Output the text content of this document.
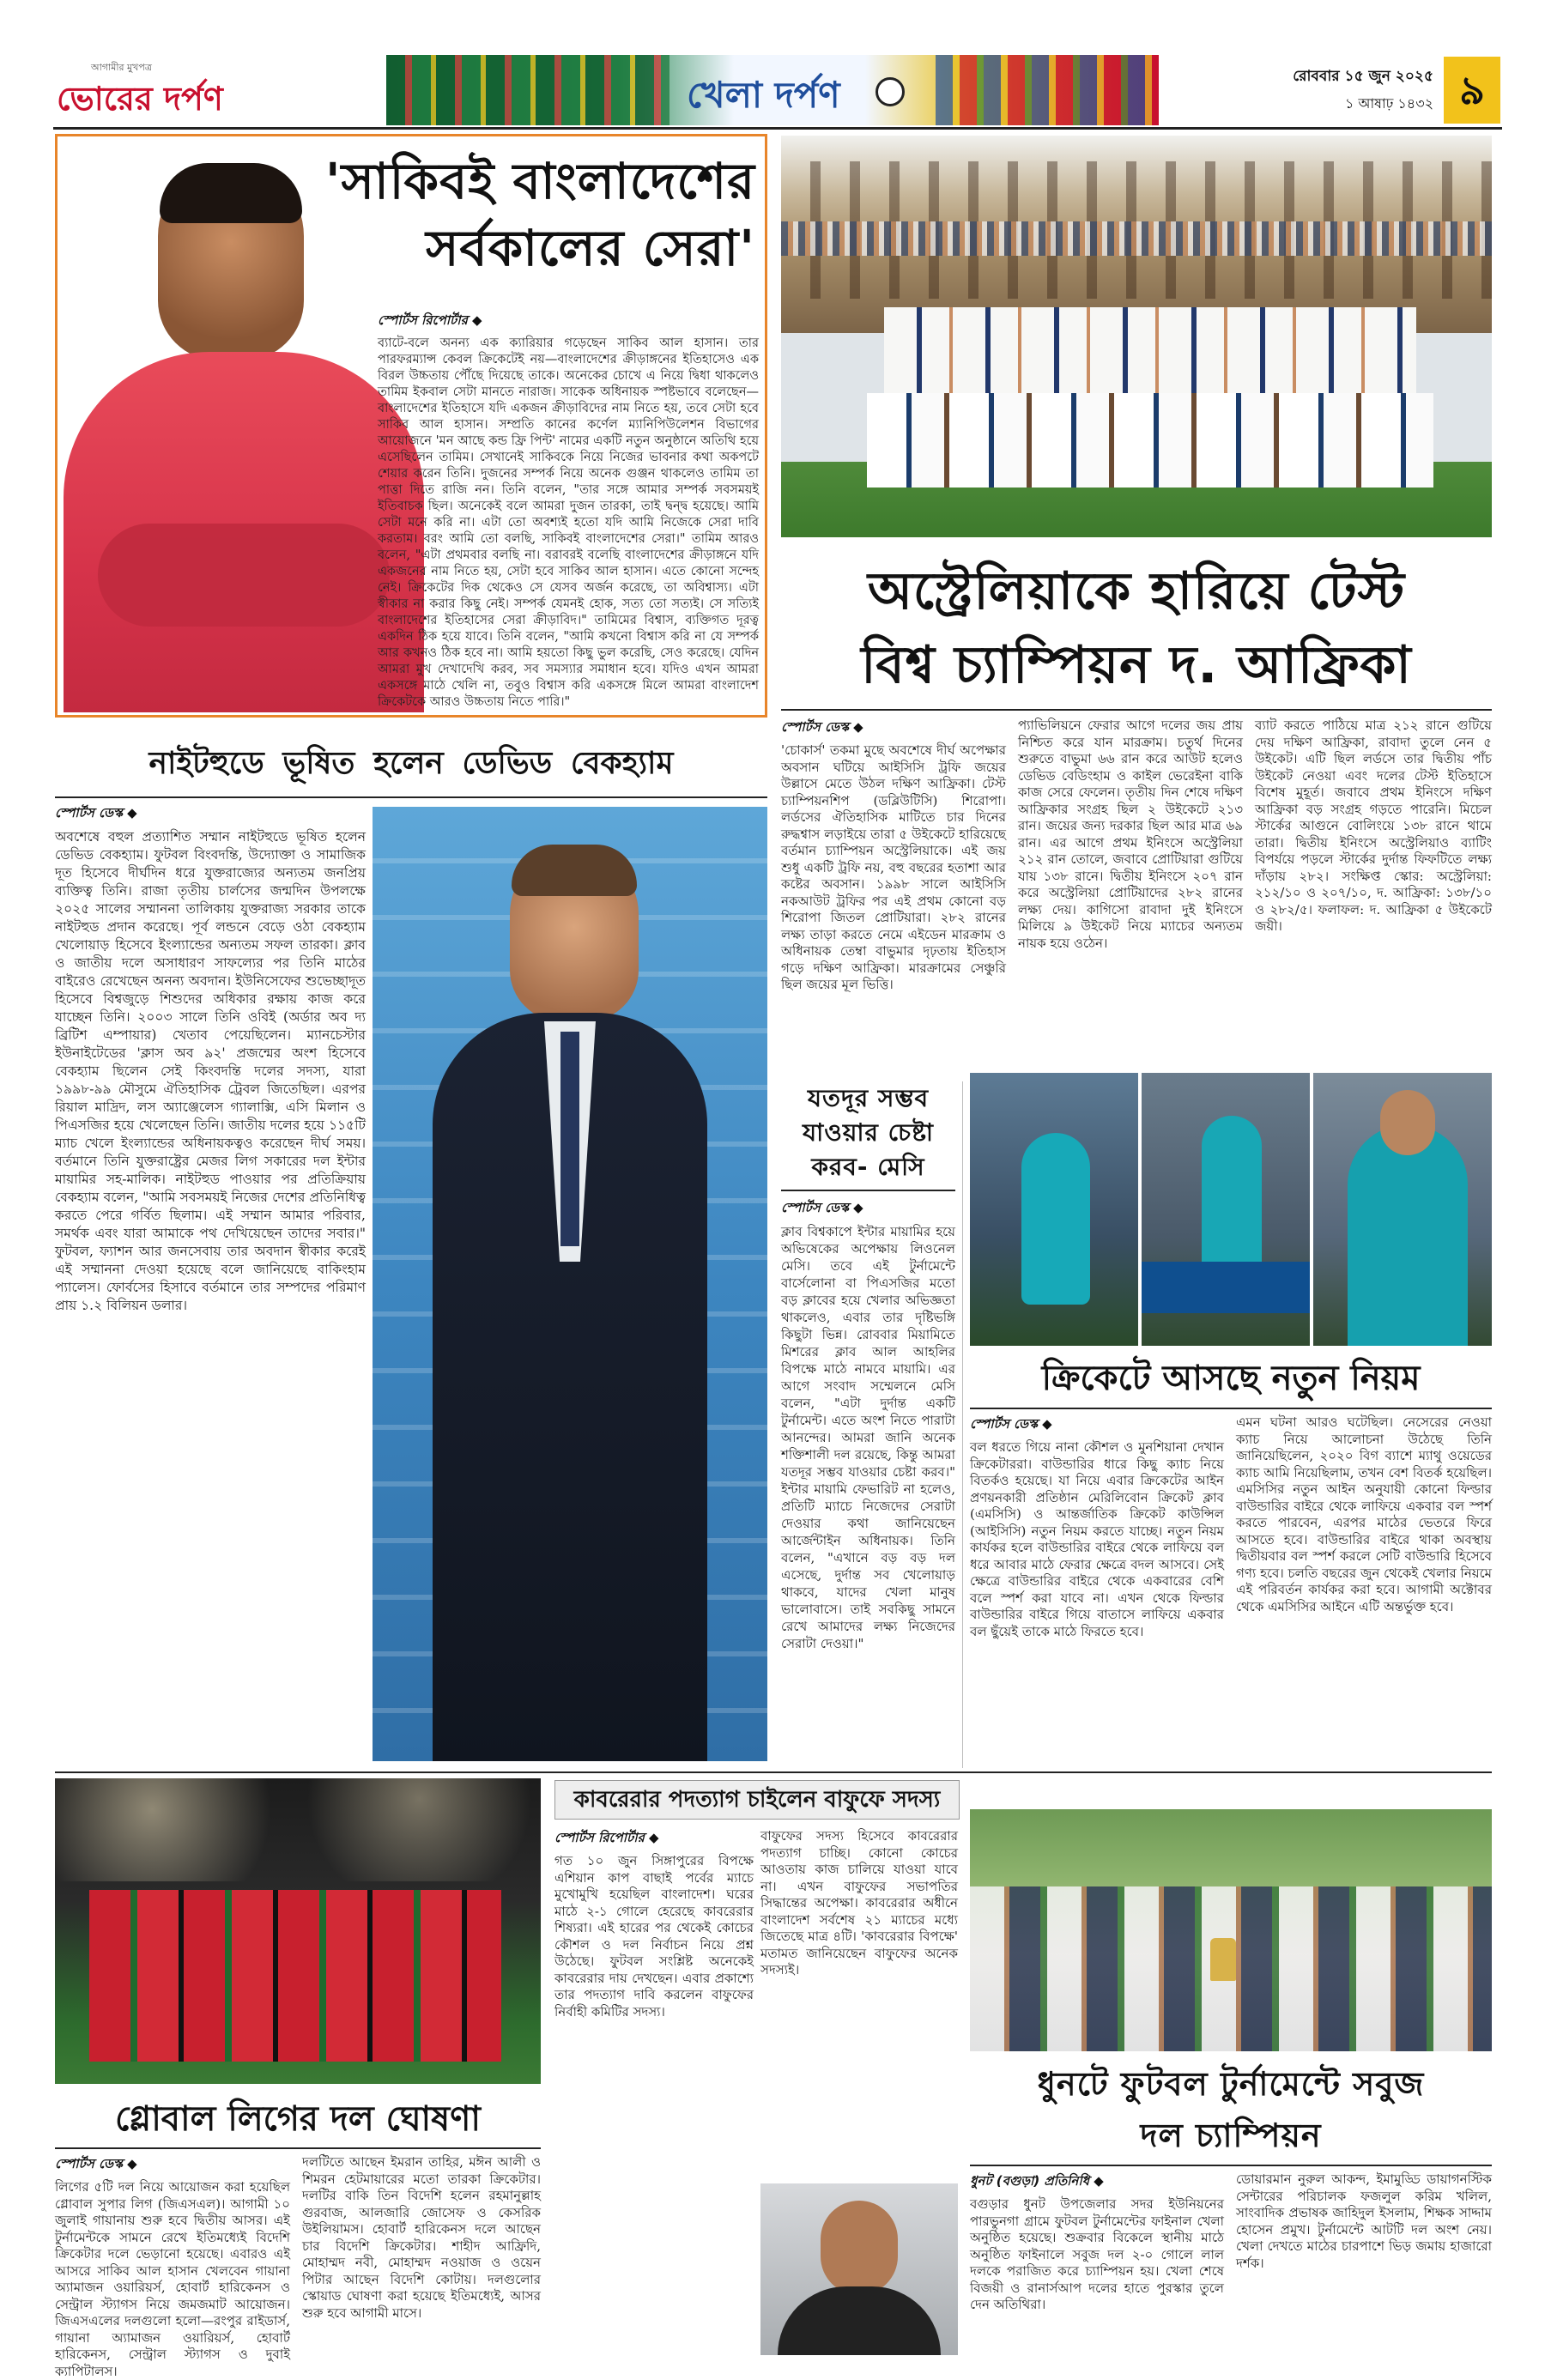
আগামীর মুখপত্র
ভোরের দর্পণ	খেলা দর্পণ	রোববার ১৫ জুন ২০২৫
১ আষাঢ় ১৪৩২ ৯
'সাকিবই বাংলাদেশের
সর্বকালের সেরা'

স্পোর্টস রিপোর্টার ◆

ব্যাটে-বলে অনন্য এক ক্যারিয়ার গড়েছেন সাকিব আল হাসান। তার পারফরম্যান্স কেবল ক্রিকেটেই নয়—বাংলাদেশের ক্রীড়াঙ্গনের ইতিহাসেও এক বিরল উচ্চতায় পৌঁছে দিয়েছে তাকে। অনেকের চোখে এ নিয়ে দ্বিধা থাকলেও তামিম ইকবাল সেটা মানতে নারাজ। সাকেক অধিনায়ক স্পষ্টভাবে বলেছেন—বাংলাদেশের ইতিহাসে যদি একজন ক্রীড়াবিদের নাম নিতে হয়, তবে সেটা হবে সাকিব আল হাসান। সম্প্রতি কানের কর্ণেল ম্যানিপিউলেশন বিভাগের আয়োজনে 'মন আছে কন্ড ফ্রি পিন্ট' নামের একটি নতুন অনুষ্ঠানে অতিথি হয়ে এসেছিলেন তামিম। সেখানেই সাকিবকে নিয়ে নিজের ভাবনার কথা অকপটে শেয়ার করেন তিনি। দুজনের সম্পর্ক নিয়ে অনেক গুঞ্জন থাকলেও তামিম তা পাত্তা দিতে রাজি নন। তিনি বলেন, "তার সঙ্গে আমার সম্পর্ক সবসময়ই ইতিবাচক ছিল। অনেকেই বলে আমরা দুজন তারকা, তাই দ্বন্দ্ব হয়েছে। আমি সেটা মনে করি না। এটা তো অবশ্যই হতো যদি আমি নিজেকে সেরা দাবি করতাম। বরং আমি তো বলছি, সাকিবই বাংলাদেশের সেরা।" তামিম আরও বলেন, "এটা প্রথমবার বলছি না। বরাবরই বলেছি বাংলাদেশের ক্রীড়াঙ্গনে যদি একজনের নাম নিতে হয়, সেটা হবে সাকিব আল হাসান। এতে কোনো সন্দেহ নেই। ক্রিকেটের দিক থেকেও সে যেসব অর্জন করেছে, তা অবিশ্বাস্য। এটা স্বীকার না করার কিছু নেই। সম্পর্ক যেমনই হোক, সত্য তো সত্যই। সে সত্যিই বাংলাদেশের ইতিহাসের সেরা ক্রীড়াবিদ।" তামিমের বিশ্বাস, ব্যক্তিগত দূরত্ব একদিন ঠিক হয়ে যাবে। তিনি বলেন, "আমি কখনো বিশ্বাস করি না যে সম্পর্ক আর কখনও ঠিক হবে না। আমি হয়তো কিছু ভুল করেছি, সেও করেছে। যেদিন আমরা মুখ দেখাদেখি করব, সব সমস্যার সমাধান হবে। যদিও এখন আমরা একসঙ্গে মাঠে খেলি না, তবুও বিশ্বাস করি একসঙ্গে মিলে আমরা বাংলাদেশ ক্রিকেটকে আরও উচ্চতায় নিতে পারি।"

অস্ট্রেলিয়াকে হারিয়ে টেস্ট
বিশ্ব চ্যাম্পিয়ন দ. আফ্রিকা

স্পোর্টস ডেস্ক ◆

'চোকার্স' তকমা মুছে অবশেষে দীর্ঘ অপেক্ষার অবসান ঘটিয়ে আইসিসি ট্রফি জয়ের উল্লাসে মেতে উঠল দক্ষিণ আফ্রিকা। টেস্ট চ্যাম্পিয়নশিপ (ডব্লিউটিসি) শিরোপা। লর্ডসের ঐতিহাসিক মাটিতে চার দিনের রুদ্ধশ্বাস লড়াইয়ে তারা ৫ উইকেটে হারিয়েছে বর্তমান চ্যাম্পিয়ন অস্ট্রেলিয়াকে। এই জয় শুধু একটি ট্রফি নয়, বহু বছরের হতাশা আর কষ্টের অবসান। ১৯৯৮ সালে আইসিসি নকআউট ট্রফির পর এই প্রথম কোনো বড় শিরোপা জিতল প্রোটিয়ারা। ২৮২ রানের লক্ষ্য তাড়া করতে নেমে এইডেন মারক্রাম ও অধিনায়ক তেম্বা বাভুমার দৃঢ়তায় ইতিহাস গড়ে দক্ষিণ আফ্রিকা। মারক্রামের সেঞ্চুরি ছিল জয়ের মূল ভিত্তি।

প্যাভিলিয়নে ফেরার আগে দলের জয় প্রায় নিশ্চিত করে যান মারক্রাম। চতুর্থ দিনের শুরুতে বাভুমা ৬৬ রান করে আউট হলেও ডেভিড বেডিংহাম ও কাইল ভেরেইনা বাকি কাজ সেরে ফেলেন। তৃতীয় দিন শেষে দক্ষিণ আফ্রিকার সংগ্রহ ছিল ২ উইকেটে ২১৩ রান। জয়ের জন্য দরকার ছিল আর মাত্র ৬৯ রান। এর আগে প্রথম ইনিংসে অস্ট্রেলিয়া ২১২ রান তোলে, জবাবে প্রোটিয়ারা গুটিয়ে যায় ১৩৮ রানে। দ্বিতীয় ইনিংসে ২০৭ রান করে অস্ট্রেলিয়া প্রোটিয়াদের ২৮২ রানের লক্ষ্য দেয়। কাগিসো রাবাদা দুই ইনিংসে মিলিয়ে ৯ উইকেট নিয়ে ম্যাচের অন্যতম নায়ক হয়ে ওঠেন।

ব্যাট করতে পাঠিয়ে মাত্র ২১২ রানে গুটিয়ে দেয় দক্ষিণ আফ্রিকা, রাবাদা তুলে নেন ৫ উইকেট। এটি ছিল লর্ডসে তার দ্বিতীয় পাঁচ উইকেট নেওয়া এবং দলের টেস্ট ইতিহাসে বিশেষ মুহূর্ত। জবাবে প্রথম ইনিংসে দক্ষিণ আফ্রিকা বড় সংগ্রহ গড়তে পারেনি। মিচেল স্টার্কের আগুনে বোলিংয়ে ১৩৮ রানে থামে তারা। দ্বিতীয় ইনিংসে অস্ট্রেলিয়াও ব্যাটিং বিপর্যয়ে পড়লে স্টার্কের দুর্দান্ত ফিফটিতে লক্ষ্য দাঁড়ায় ২৮২। সংক্ষিপ্ত স্কোর: অস্ট্রেলিয়া: ২১২/১০ ও ২০৭/১০, দ. আফ্রিকা: ১৩৮/১০ ও ২৮২/৫। ফলাফল: দ. আফ্রিকা ৫ উইকেটে জয়ী।

নাইটহুডে ভূষিত হলেন ডেভিড বেকহ্যাম

স্পোর্টস ডেস্ক ◆

অবশেষে বহুল প্রত্যাশিত সম্মান নাইটহুডে ভূষিত হলেন ডেভিড বেকহ্যাম। ফুটবল বিংবদন্তি, উদ্যোক্তা ও সামাজিক দূত হিসেবে দীর্ঘদিন ধরে যুক্তরাজ্যের অন্যতম জনপ্রিয় ব্যক্তিত্ব তিনি। রাজা তৃতীয় চার্লসের জন্মদিন উপলক্ষে ২০২৫ সালের সম্মাননা তালিকায় যুক্তরাজ্য সরকার তাকে নাইটহুড প্রদান করেছে। পূর্ব লন্ডনে বেড়ে ওঠা বেকহ্যাম খেলোয়াড় হিসেবে ইংল্যান্ডের অন্যতম সফল তারকা। ক্লাব ও জাতীয় দলে অসাধারণ সাফল্যের পর তিনি মাঠের বাইরেও রেখেছেন অনন্য অবদান। ইউনিসেফের শুভেচ্ছাদূত হিসেবে বিশ্বজুড়ে শিশুদের অধিকার রক্ষায় কাজ করে যাচ্ছেন তিনি। ২০০৩ সালে তিনি ওবিই (অর্ডার অব দ্য ব্রিটিশ এম্পায়ার) খেতাব পেয়েছিলেন। ম্যানচেস্টার ইউনাইটেডের 'ক্লাস অব ৯২' প্রজন্মের অংশ হিসেবে বেকহ্যাম ছিলেন সেই কিংবদন্তি দলের সদস্য, যারা ১৯৯৮-৯৯ মৌসুমে ঐতিহাসিক ট্রেবল জিতেছিল। এরপর রিয়াল মাদ্রিদ, লস অ্যাঞ্জেলেস গ্যালাক্সি, এসি মিলান ও পিএসজির হয়ে খেলেছেন তিনি। জাতীয় দলের হয়ে ১১৫টি ম্যাচ খেলে ইংল্যান্ডের অধিনায়কত্বও করেছেন দীর্ঘ সময়। বর্তমানে তিনি যুক্তরাষ্ট্রের মেজর লিগ সকারের দল ইন্টার মায়ামির সহ-মালিক। নাইটহুড পাওয়ার পর প্রতিক্রিয়ায় বেকহ্যাম বলেন, "আমি সবসময়ই নিজের দেশের প্রতিনিধিত্ব করতে পেরে গর্বিত ছিলাম। এই সম্মান আমার পরিবার, সমর্থক এবং যারা আমাকে পথ দেখিয়েছেন তাদের সবার।" ফুটবল, ফ্যাশন আর জনসেবায় তার অবদান স্বীকার করেই এই সম্মাননা দেওয়া হয়েছে বলে জানিয়েছে বাকিংহাম প্যালেস। ফোর্বসের হিসাবে বর্তমানে তার সম্পদের পরিমাণ প্রায় ১.২ বিলিয়ন ডলার।

যতদূর সম্ভব যাওয়ার চেষ্টা করব- মেসি

স্পোর্টস ডেস্ক ◆

ক্লাব বিশ্বকাপে ইন্টার মায়ামির হয়ে অভিষেকের অপেক্ষায় লিওনেল মেসি। তবে এই টুর্নামেন্টে বার্সেলোনা বা পিএসজির মতো বড় ক্লাবের হয়ে খেলার অভিজ্ঞতা থাকলেও, এবার তার দৃষ্টিভঙ্গি কিছুটা ভিন্ন। রোববার মিয়ামিতে মিশরের ক্লাব আল আহলির বিপক্ষে মাঠে নামবে মায়ামি। এর আগে সংবাদ সম্মেলনে মেসি বলেন, "এটা দুর্দান্ত একটি টুর্নামেন্ট। এতে অংশ নিতে পারাটা আনন্দের। আমরা জানি অনেক শক্তিশালী দল রয়েছে, কিন্তু আমরা যতদূর সম্ভব যাওয়ার চেষ্টা করব।" ইন্টার মায়ামি ফেভারিট না হলেও, প্রতিটি ম্যাচে নিজেদের সেরাটা দেওয়ার কথা জানিয়েছেন আর্জেন্টাইন অধিনায়ক। তিনি বলেন, "এখানে বড় বড় দল এসেছে, দুর্দান্ত সব খেলোয়াড় থাকবে, যাদের খেলা মানুষ ভালোবাসে। তাই সবকিছু সামনে রেখে আমাদের লক্ষ্য নিজেদের সেরাটা দেওয়া।"

ক্রিকেটে আসছে নতুন নিয়ম

স্পোর্টস ডেস্ক ◆

বল ধরতে গিয়ে নানা কৌশল ও মুনশিয়ানা দেখান ক্রিকেটাররা। বাউন্ডারির ধারে কিছু ক্যাচ নিয়ে বিতর্কও হয়েছে। যা নিয়ে এবার ক্রিকেটের আইন প্রণয়নকারী প্রতিষ্ঠান মেরিলিবোন ক্রিকেট ক্লাব (এমসিসি) ও আন্তর্জাতিক ক্রিকেট কাউন্সিল (আইসিসি) নতুন নিয়ম করতে যাচ্ছে। নতুন নিয়ম কার্যকর হলে বাউন্ডারির বাইরে থেকে লাফিয়ে বল ধরে আবার মাঠে ফেরার ক্ষেত্রে বদল আসবে। সেই ক্ষেত্রে বাউন্ডারির বাইরে থেকে একবারের বেশি বলে স্পর্শ করা যাবে না। এখন থেকে ফিল্ডার বাউন্ডারির বাইরে গিয়ে বাতাসে লাফিয়ে একবার বল ছুঁয়েই তাকে মাঠে ফিরতে হবে।

এমন ঘটনা আরও ঘটেছিল। নেসেরের নেওয়া ক্যাচ নিয়ে আলোচনা উঠেছে তিনি জানিয়েছিলেন, ২০২০ বিগ ব্যাশে ম্যাথু ওয়েডের ক্যাচ আমি নিয়েছিলাম, তখন বেশ বিতর্ক হয়েছিল। এমসিসির নতুন আইন অনুযায়ী কোনো ফিল্ডার বাউন্ডারির বাইরে থেকে লাফিয়ে একবার বল স্পর্শ করতে পারবেন, এরপর মাঠের ভেতরে ফিরে আসতে হবে। বাউন্ডারির বাইরে থাকা অবস্থায় দ্বিতীয়বার বল স্পর্শ করলে সেটি বাউন্ডারি হিসেবে গণ্য হবে। চলতি বছরের জুন থেকেই খেলার নিয়মে এই পরিবর্তন কার্যকর করা হবে। আগামী অক্টোবর থেকে এমসিসির আইনে এটি অন্তর্ভুক্ত হবে।

গ্লোবাল লিগের দল ঘোষণা

স্পোর্টস ডেস্ক ◆

লিগের ৫টি দল নিয়ে আয়োজন করা হয়েছিল গ্লোবাল সুপার লিগ (জিএসএল)। আগামী ১০ জুলাই গায়ানায় শুরু হবে দ্বিতীয় আসর। এই টুর্নামেন্টকে সামনে রেখে ইতিমধ্যেই বিদেশি ক্রিকেটার দলে ভেড়ানো হয়েছে। এবারও এই আসরে সাকিব আল হাসান খেলবেন গায়ানা অ্যামাজন ওয়ারিয়র্স, হোবার্ট হারিকেনস ও সেন্ট্রাল স্ট্যাগস নিয়ে জমজমাট আয়োজন। জিএসএলের দলগুলো হলো—রংপুর রাইডার্স, গায়ানা অ্যামাজন ওয়ারিয়র্স, হোবার্ট হারিকেনস, সেন্ট্রাল স্ট্যাগস ও দুবাই ক্যাপিটালস।

দলটিতে আছেন ইমরান তাহির, মঈন আলী ও শিমরন হেটমায়ারের মতো তারকা ক্রিকেটার। দলটির বাকি তিন বিদেশি হলেন রহমানুল্লাহ গুরবাজ, আলজারি জোসেফ ও কেসরিক উইলিয়ামস। হোবার্ট হারিকেনস দলে আছেন চার বিদেশি ক্রিকেটার। শাহীদ আফ্রিদি, মোহাম্মদ নবী, মোহাম্মদ নওয়াজ ও ওয়েন পিটার আছেন বিদেশি কোটায়। দলগুলোর স্কোয়াড ঘোষণা করা হয়েছে ইতিমধ্যেই, আসর শুরু হবে আগামী মাসে।

কাবরেরার পদত্যাগ চাইলেন বাফুফে সদস্য

স্পোর্টস রিপোর্টার ◆

গত ১০ জুন সিঙ্গাপুরের বিপক্ষে এশিয়ান কাপ বাছাই পর্বের ম্যাচে মুখোমুখি হয়েছিল বাংলাদেশ। ঘরের মাঠে ২-১ গোলে হেরেছে কাবরেরার শিষ্যরা। এই হারের পর থেকেই কোচের কৌশল ও দল নির্বাচন নিয়ে প্রশ্ন উঠেছে। ফুটবল সংশ্লিষ্ট অনেকেই কাবরেরার দায় দেখছেন। এবার প্রকাশ্যে তার পদত্যাগ দাবি করলেন বাফুফের নির্বাহী কমিটির সদস্য।

বাফুফের সদস্য হিসেবে কাবরেরার পদত্যাগ চাচ্ছি। কোনো কোচের আওতায় কাজ চালিয়ে যাওয়া যাবে না। এখন বাফুফের সভাপতির সিদ্ধান্তের অপেক্ষা। কাবরেরার অধীনে বাংলাদেশ সর্বশেষ ২১ ম্যাচের মধ্যে জিতেছে মাত্র ৪টি। 'কাবরেরার বিপক্ষে' মতামত জানিয়েছেন বাফুফের অনেক সদস্যই।

ধুনটে ফুটবল টুর্নামেন্টে সবুজ
দল চ্যাম্পিয়ন

ধুনট (বগুড়া) প্রতিনিধি ◆

বগুড়ার ধুনট উপজেলার সদর ইউনিয়নের পারভুনগা গ্রামে ফুটবল টুর্নামেন্টের ফাইনাল খেলা অনুষ্ঠিত হয়েছে। শুক্রবার বিকেলে স্থানীয় মাঠে অনুষ্ঠিত ফাইনালে সবুজ দল ২-০ গোলে লাল দলকে পরাজিত করে চ্যাম্পিয়ন হয়। খেলা শেষে বিজয়ী ও রানার্সআপ দলের হাতে পুরস্কার তুলে দেন অতিথিরা।

ডোয়ারমান নুরুল আকন্দ, ইমামুড্ডি ডায়াগনস্টিক সেন্টারের পরিচালক ফজলুল করিম খলিল, সাংবাদিক প্রভাষক জাহিদুল ইসলাম, শিক্ষক সাদ্দাম হোসেন প্রমুখ। টুর্নামেন্টে আটটি দল অংশ নেয়। খেলা দেখতে মাঠের চারপাশে ভিড় জমায় হাজারো দর্শক।
